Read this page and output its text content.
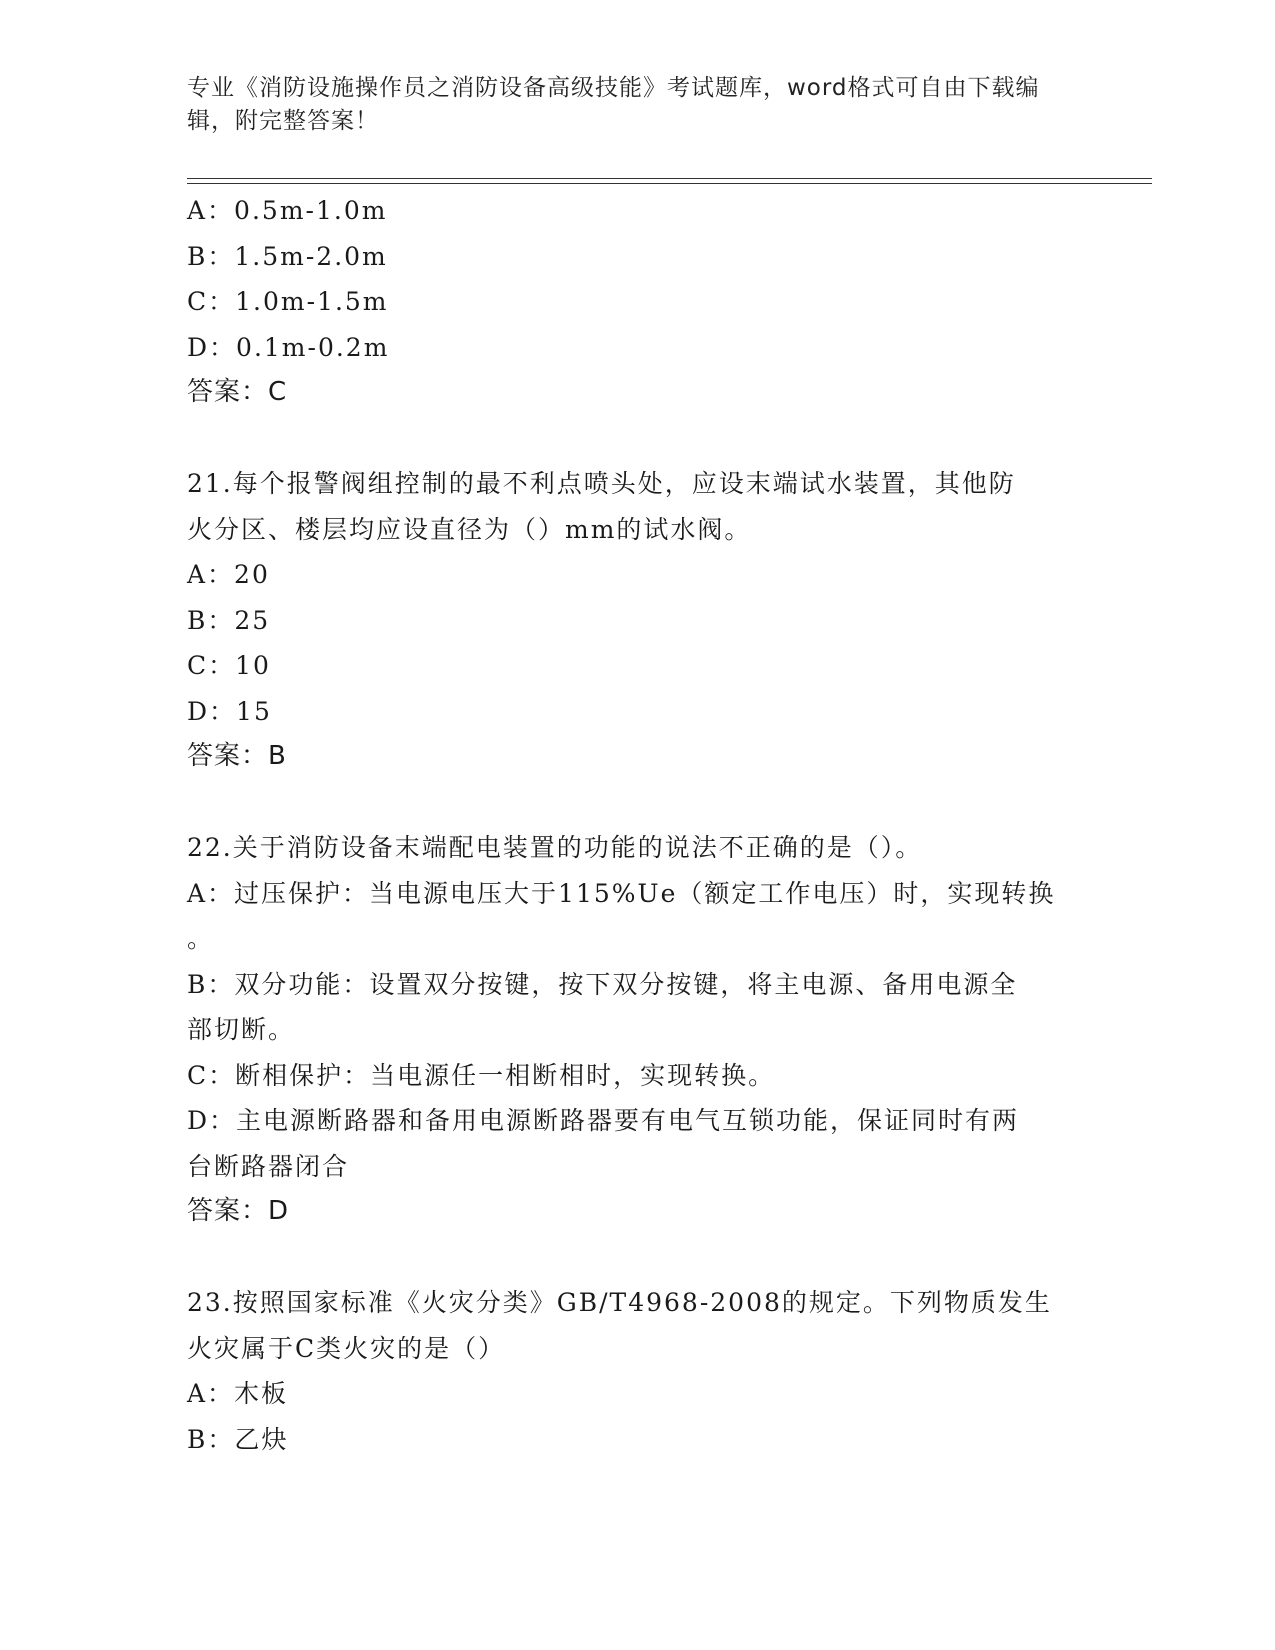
专业《消防设施操作员之消防设备高级技能》考试题库，word格式可自由下载编
辑，附完整答案！
A：0.5m-1.0m
B：1.5m-2.0m
C：1.0m-1.5m
D：0.1m-0.2m
答案：C
21.每个报警阀组控制的最不利点喷头处，应设末端试水装置，其他防
火分区、楼层均应设直径为（）mm的试水阀。
A：20
B：25
C：10
D：15
答案：B
22.关于消防设备末端配电装置的功能的说法不正确的是（）。
A：过压保护：当电源电压大于115%Ue（额定工作电压）时，实现转换
。
B：双分功能：设置双分按键，按下双分按键，将主电源、备用电源全
部切断。
C：断相保护：当电源任一相断相时，实现转换。
D：主电源断路器和备用电源断路器要有电气互锁功能，保证同时有两
台断路器闭合
答案：D
23.按照国家标准《火灾分类》GB/T4968-2008的规定。下列物质发生
火灾属于C类火灾的是（）
A：木板
B：乙炔
